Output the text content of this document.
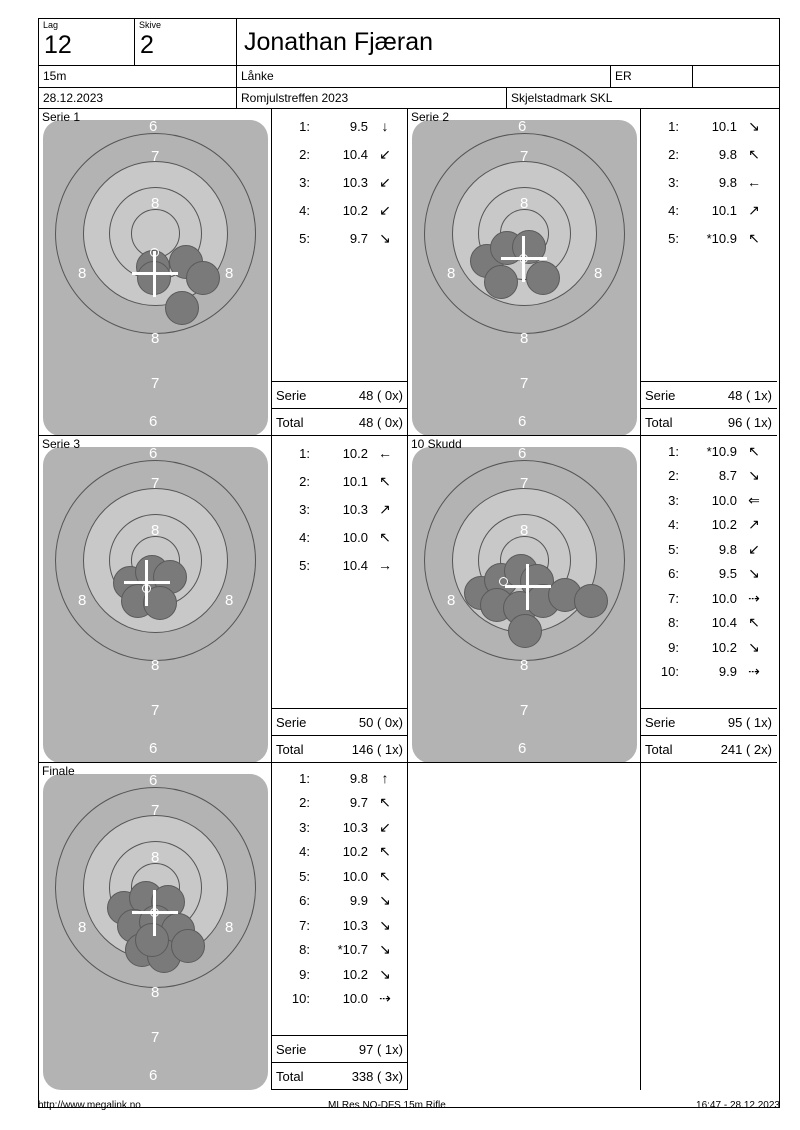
Lag
12
Skive
2	Jonathan Fjæran
15m	Lånke	ER
28.12.2023	Romjulstreffen 2023	Skjelstadmark SKL
6
7
8
8	8
8
7
6
Serie 1
1:	9.5 ↓
2:	10.4 ↙
3:	10.3 ↙
4:	10.2 ↙
5:	9.7 ↘
Serie	48 ( 0x)
Total	48 ( 0x)
6
7
8
8	8
8
7
6
Serie 2
1:	10.1 ↘
2:	9.8 ↖
3:	9.8 ←
4:	10.1 ↗
5:	*10.9 ↖
Serie	48 ( 1x)
Total	96 ( 1x)
6
7
8
8	8
8
7
6
Serie 3
1:	10.2 ←
2:	10.1 ↖
3:	10.3 ↗
4:	10.0 ↖
5:	10.4 →
Serie	50 ( 0x)
Total	146 ( 1x)
6
7
8
8
8
7
6
10 Skudd	1:	*10.9 ↖
2:	8.7 ↘
3:	10.0 ⇐
4:	10.2 ↗
5:	9.8 ↙
6:	9.5 ↘
7:	10.0 ⇢
8:	10.4 ↖
9:	10.2 ↘
10:	9.9 ⇢
Serie	95 ( 1x)
Total	241 ( 2x)
6
7
8
8	8
8
7
6
Finale	1:	9.8 ↑
2:	9.7 ↖
3:	10.3 ↙
4:	10.2 ↖
5:	10.0 ↖
6:	9.9 ↘
7:	10.3 ↘
8:	*10.7 ↘
9:	10.2 ↘
10:	10.0 ⇢
Serie	97 ( 1x)
Total	338 ( 3x)
http://www.megalink.no	MLRes NO-DFS 15m Rifle	16:47 - 28.12.2023
